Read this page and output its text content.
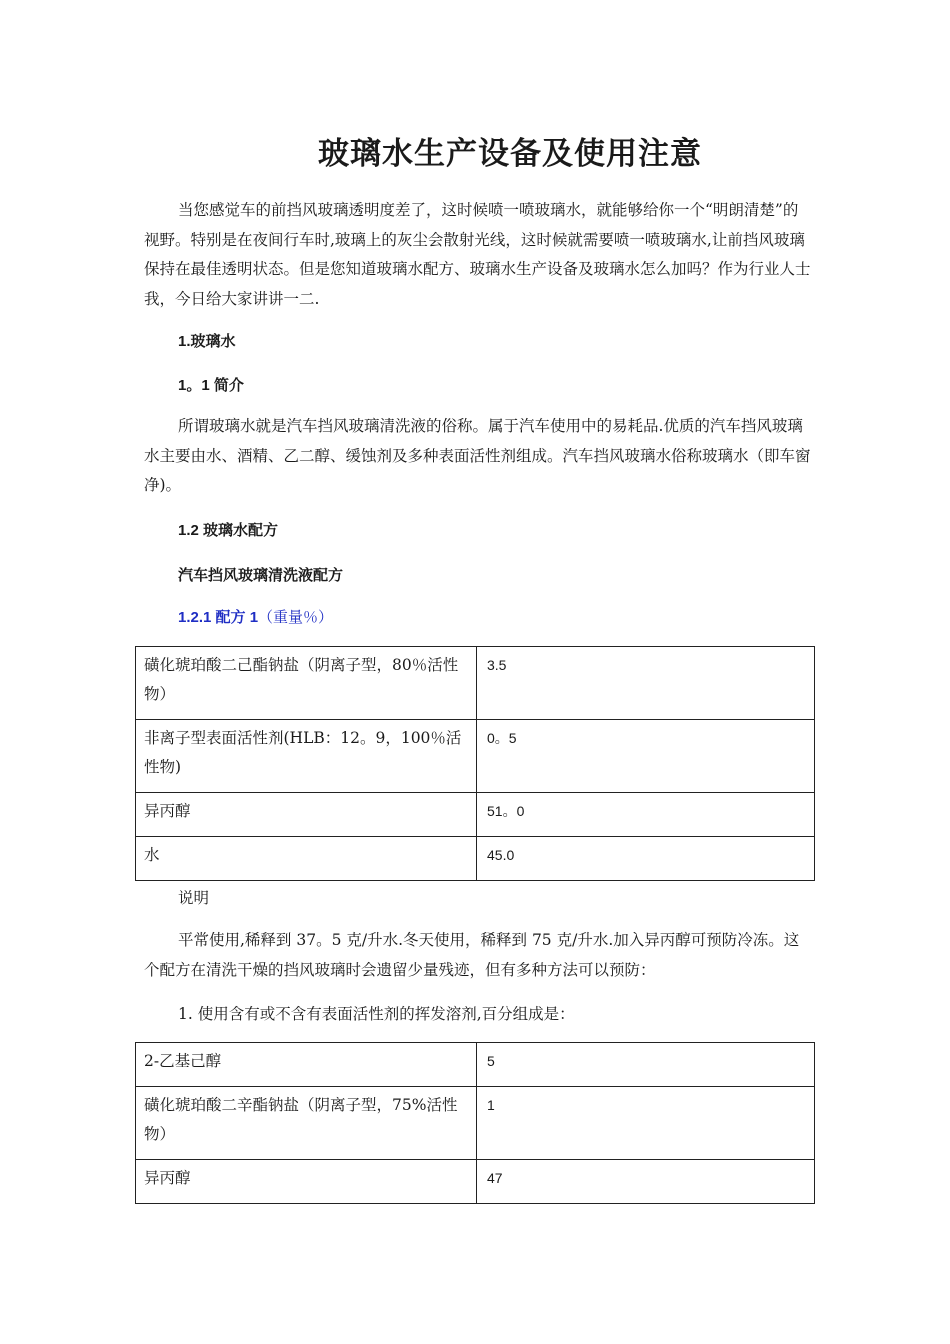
玻璃水生产设备及使用注意

当您感觉车的前挡风玻璃透明度差了，这时候喷一喷玻璃水，就能够给你一个“明朗清楚”的视野。特别是在夜间行车时,玻璃上的灰尘会散射光线，这时候就需要喷一喷玻璃水,让前挡风玻璃保持在最佳透明状态。但是您知道玻璃水配方、玻璃水生产设备及玻璃水怎么加吗？作为行业人士我，今日给大家讲讲一二.

1.玻璃水

1。1 简介

所谓玻璃水就是汽车挡风玻璃清洗液的俗称。属于汽车使用中的易耗品.优质的汽车挡风玻璃水主要由水、酒精、乙二醇、缓蚀剂及多种表面活性剂组成。汽车挡风玻璃水俗称玻璃水（即车窗净)。

1.2 玻璃水配方

汽车挡风玻璃清洗液配方

1.2.1 配方 1（重量％）

磺化琥珀酸二己酯钠盐（阴离子型，80％活性物）	3.5
非离子型表面活性剂(HLB：12。9，100％活性物)	0。5
异丙醇	51。0
水	45.0

说明

平常使用,稀释到 37。5 克/升水.冬天使用，稀释到 75 克/升水.加入异丙醇可预防冷冻。这个配方在清洗干燥的挡风玻璃时会遗留少量残迹，但有多种方法可以预防：

1. 使用含有或不含有表面活性剂的挥发溶剂,百分组成是：

2-乙基己醇	5
磺化琥珀酸二辛酯钠盐（阴离子型，75%活性物）	1
异丙醇	47
